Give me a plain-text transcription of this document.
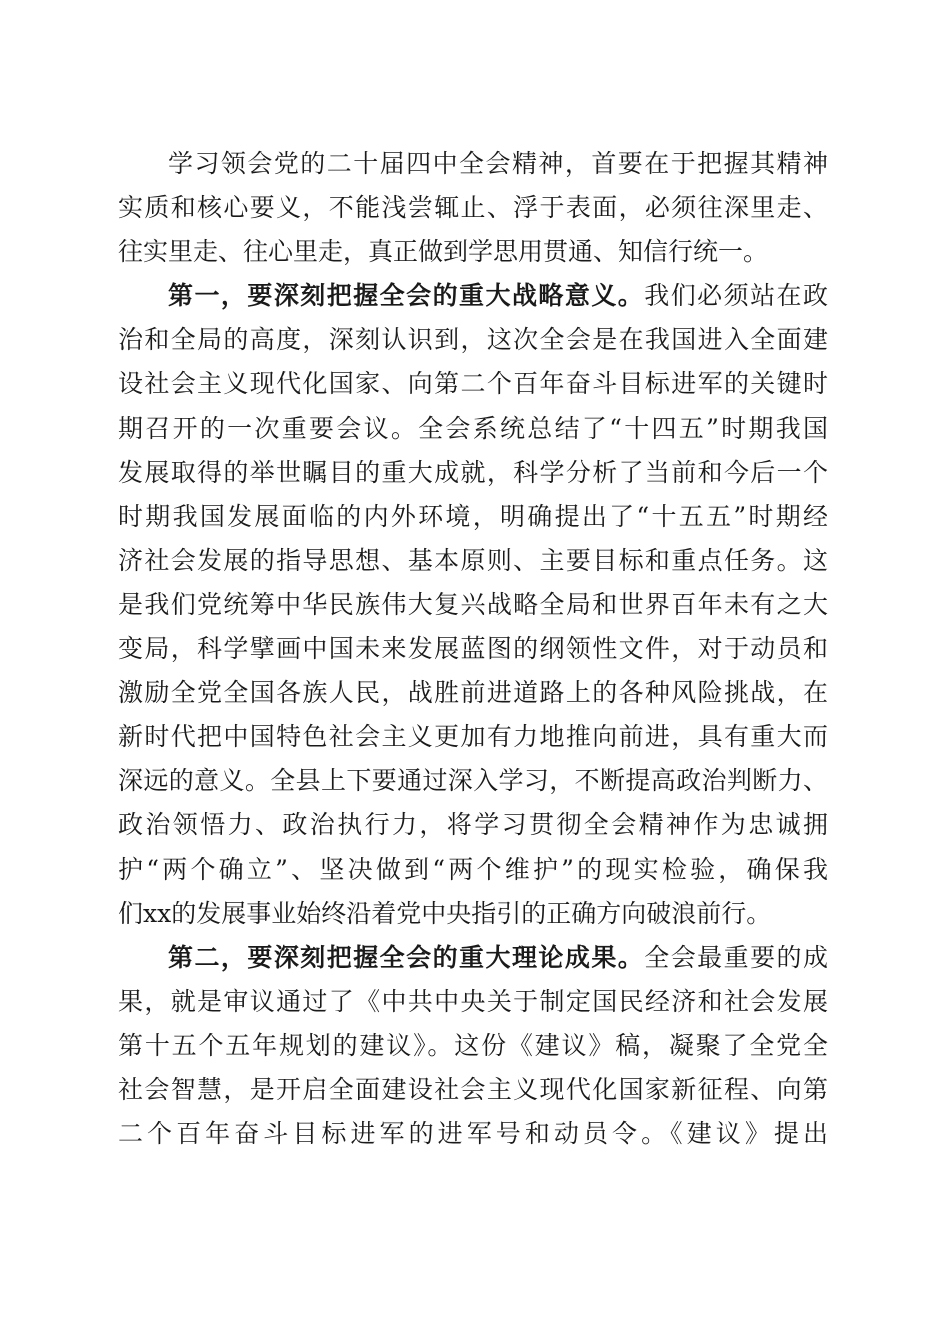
学习领会党的二十届四中全会精神，首要在于把握其精神
实质和核心要义，不能浅尝辄止、浮于表面，必须往深里走、
往实里走、往心里走，真正做到学思用贯通、知信行统一。
第一，要深刻把握全会的重大战略意义。我们必须站在政
治和全局的高度，深刻认识到，这次全会是在我国进入全面建
设社会主义现代化国家、向第二个百年奋斗目标进军的关键时
期召开的一次重要会议。全会系统总结了“十四五”时期我国
发展取得的举世瞩目的重大成就，科学分析了当前和今后一个
时期我国发展面临的内外环境，明确提出了“十五五”时期经
济社会发展的指导思想、基本原则、主要目标和重点任务。这
是我们党统筹中华民族伟大复兴战略全局和世界百年未有之大
变局，科学擘画中国未来发展蓝图的纲领性文件，对于动员和
激励全党全国各族人民，战胜前进道路上的各种风险挑战，在
新时代把中国特色社会主义更加有力地推向前进，具有重大而
深远的意义。全县上下要通过深入学习，不断提高政治判断力、
政治领悟力、政治执行力，将学习贯彻全会精神作为忠诚拥
护“两个确立”、坚决做到“两个维护”的现实检验，确保我
们xx的发展事业始终沿着党中央指引的正确方向破浪前行。
第二，要深刻把握全会的重大理论成果。全会最重要的成
果，就是审议通过了《中共中央关于制定国民经济和社会发展
第十五个五年规划的建议》。这份《建议》稿，凝聚了全党全
社会智慧，是开启全面建设社会主义现代化国家新征程、向第
二个百年奋斗目标进军的进军号和动员令。《建议》提出
